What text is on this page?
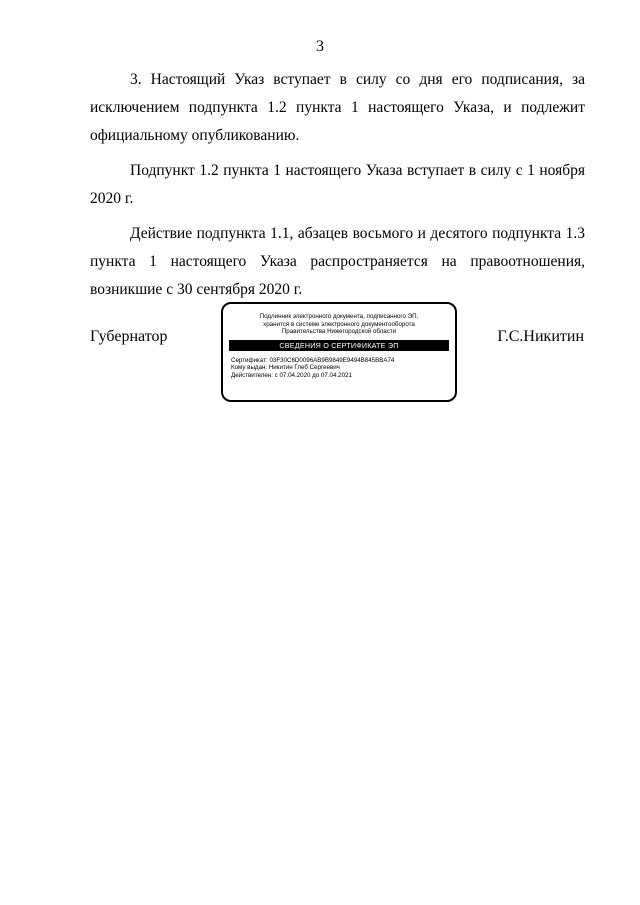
3

3. Настоящий Указ вступает в силу со дня его подписания, за исключением подпункта 1.2 пункта 1 настоящего Указа, и подлежит официальному опубликованию.

Подпункт 1.2 пункта 1 настоящего Указа вступает в силу с 1 ноября 2020 г.

Действие подпункта 1.1, абзацев восьмого и десятого подпункта 1.3 пункта 1 настоящего Указа распространяется на правоотношения, возникшие с 30 сентября 2020 г.

Губернатор
Подлинник электронного документа, подписанного ЭП,
хранится в системе электронного документооборота
Правительства Нижегородской области
СВЕДЕНИЯ О СЕРТИФИКАТЕ ЭП
Сертификат: 03F30C6D0096AB9B9849E9494B845BBA74
Кому выдан: Никитин Глеб Сергеевич
Действителен: с 07.04.2020 до 07.04.2021
Г.С.Никитин
